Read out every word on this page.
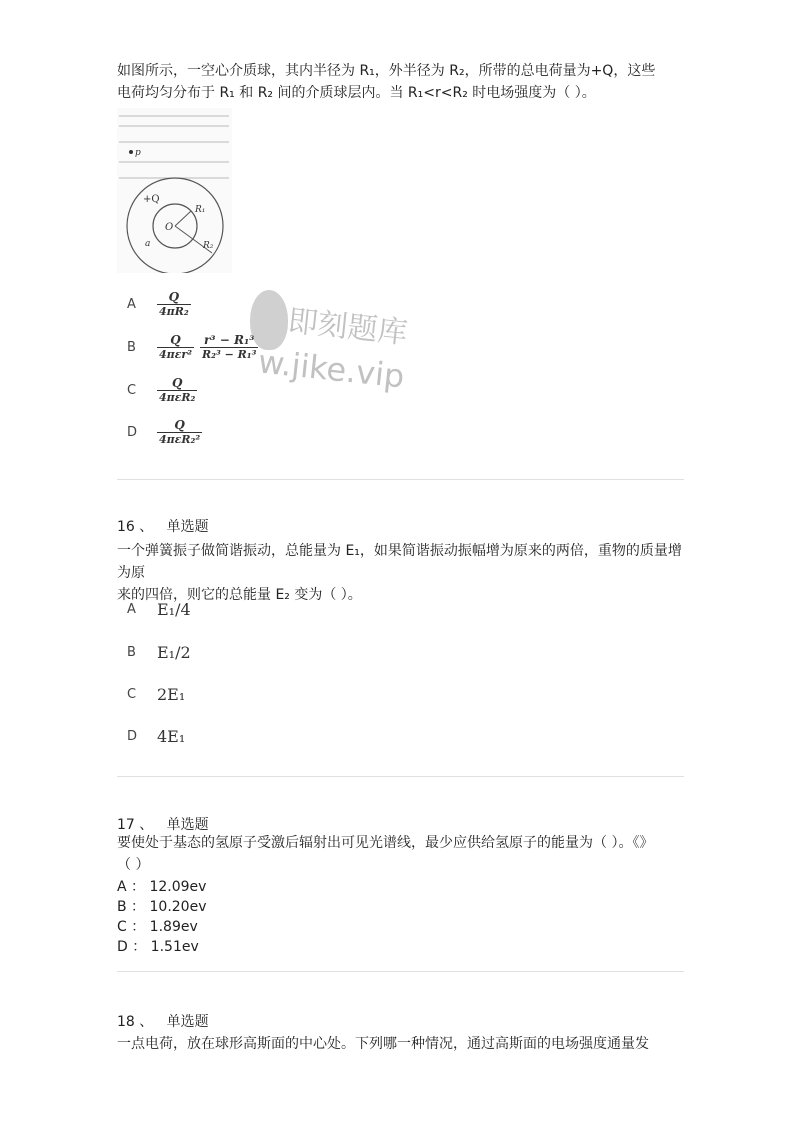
如图所示，一空心介质球，其内半径为 R₁，外半径为 R₂，所带的总电荷量为+Q，这些
电荷均匀分布于 R₁ 和 R₂ 间的介质球层内。当 R₁<r<R₂ 时电场强度为（ ）。
p
+Q
O
R₁
R₂
a
A	$\frac{Q}{\text{4πR₂}}$
B	$\frac{Q}{\text{4πεr²}} \frac{\text{r³ − R₁³}}{\text{R₂³ − R₁³}}$
C	$\frac{Q}{\text{4πεR₂}}$
D	$\frac{Q}{\text{4πεR₂²}}$
即刻题库
w.jike.vip
16 、 单选题
一个弹簧振子做简谐振动，总能量为 E₁，如果简谐振动振幅增为原来的两倍，重物的质量增为原
来的四倍，则它的总能量 E₂ 变为（ ）。
A	E₁/4
B	E₁/2
C	2E₁
D	4E₁
17 、 单选题
要使处于基态的氢原子受激后辐射出可见光谱线，最少应供给氢原子的能量为（ ）。《》
（ ）
A ： 12.09ev
B ： 10.20ev
C ： 1.89ev
D ： 1.51ev
18 、 单选题
一点电荷，放在球形高斯面的中心处。下列哪一种情况，通过高斯面的电场强度通量发
